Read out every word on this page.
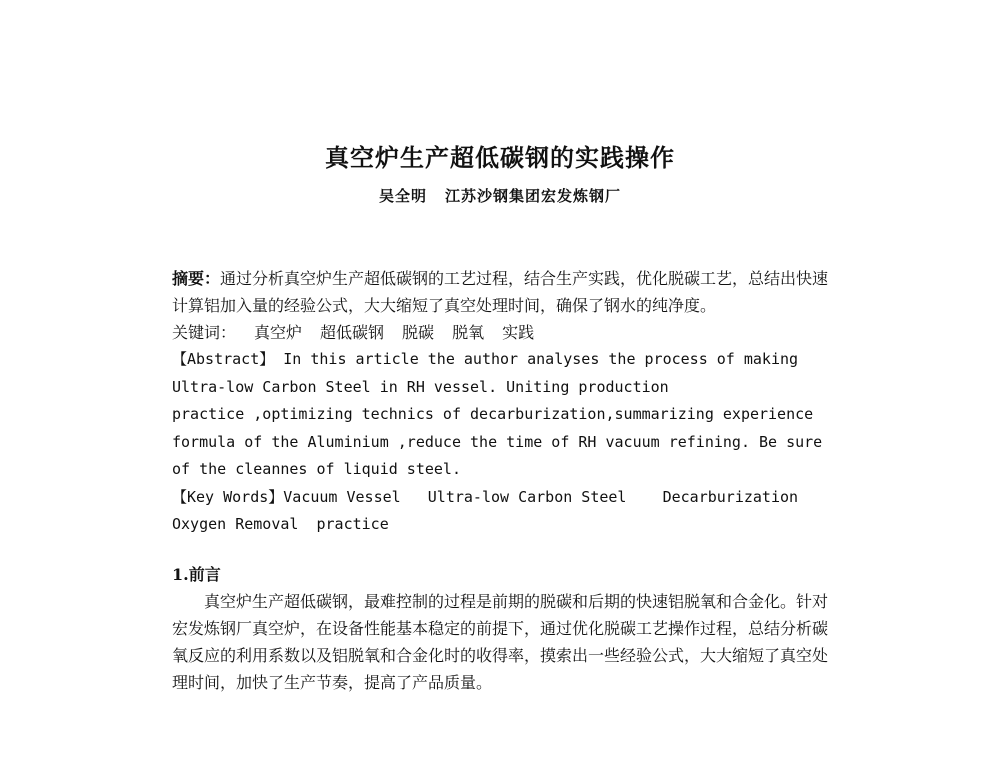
真空炉生产超低碳钢的实践操作
吴全明 江苏沙钢集团宏发炼钢厂

摘要：通过分析真空炉生产超低碳钢的工艺过程，结合生产实践，优化脱碳工艺，总结出快速计算铝加入量的经验公式，大大缩短了真空处理时间，确保了钢水的纯净度。

关键词： 真空炉 超低碳钢 脱碳 脱氧 实践

【Abstract】 In this article the author analyses the process of making
Ultra-low Carbon Steel in RH vessel. Uniting production
practice ,optimizing technics of decarburization,summarizing experience
formula of the Aluminium ,reduce the time of RH vacuum refining. Be sure
of the cleannes of liquid steel.
【Key Words】Vacuum Vessel   Ultra-low Carbon Steel    Decarburization
Oxygen Removal  practice

1.前言

真空炉生产超低碳钢，最难控制的过程是前期的脱碳和后期的快速铝脱氧和合金化。针对宏发炼钢厂真空炉，在设备性能基本稳定的前提下，通过优化脱碳工艺操作过程，总结分析碳氧反应的利用系数以及铝脱氧和合金化时的收得率，摸索出一些经验公式，大大缩短了真空处理时间，加快了生产节奏，提高了产品质量。
